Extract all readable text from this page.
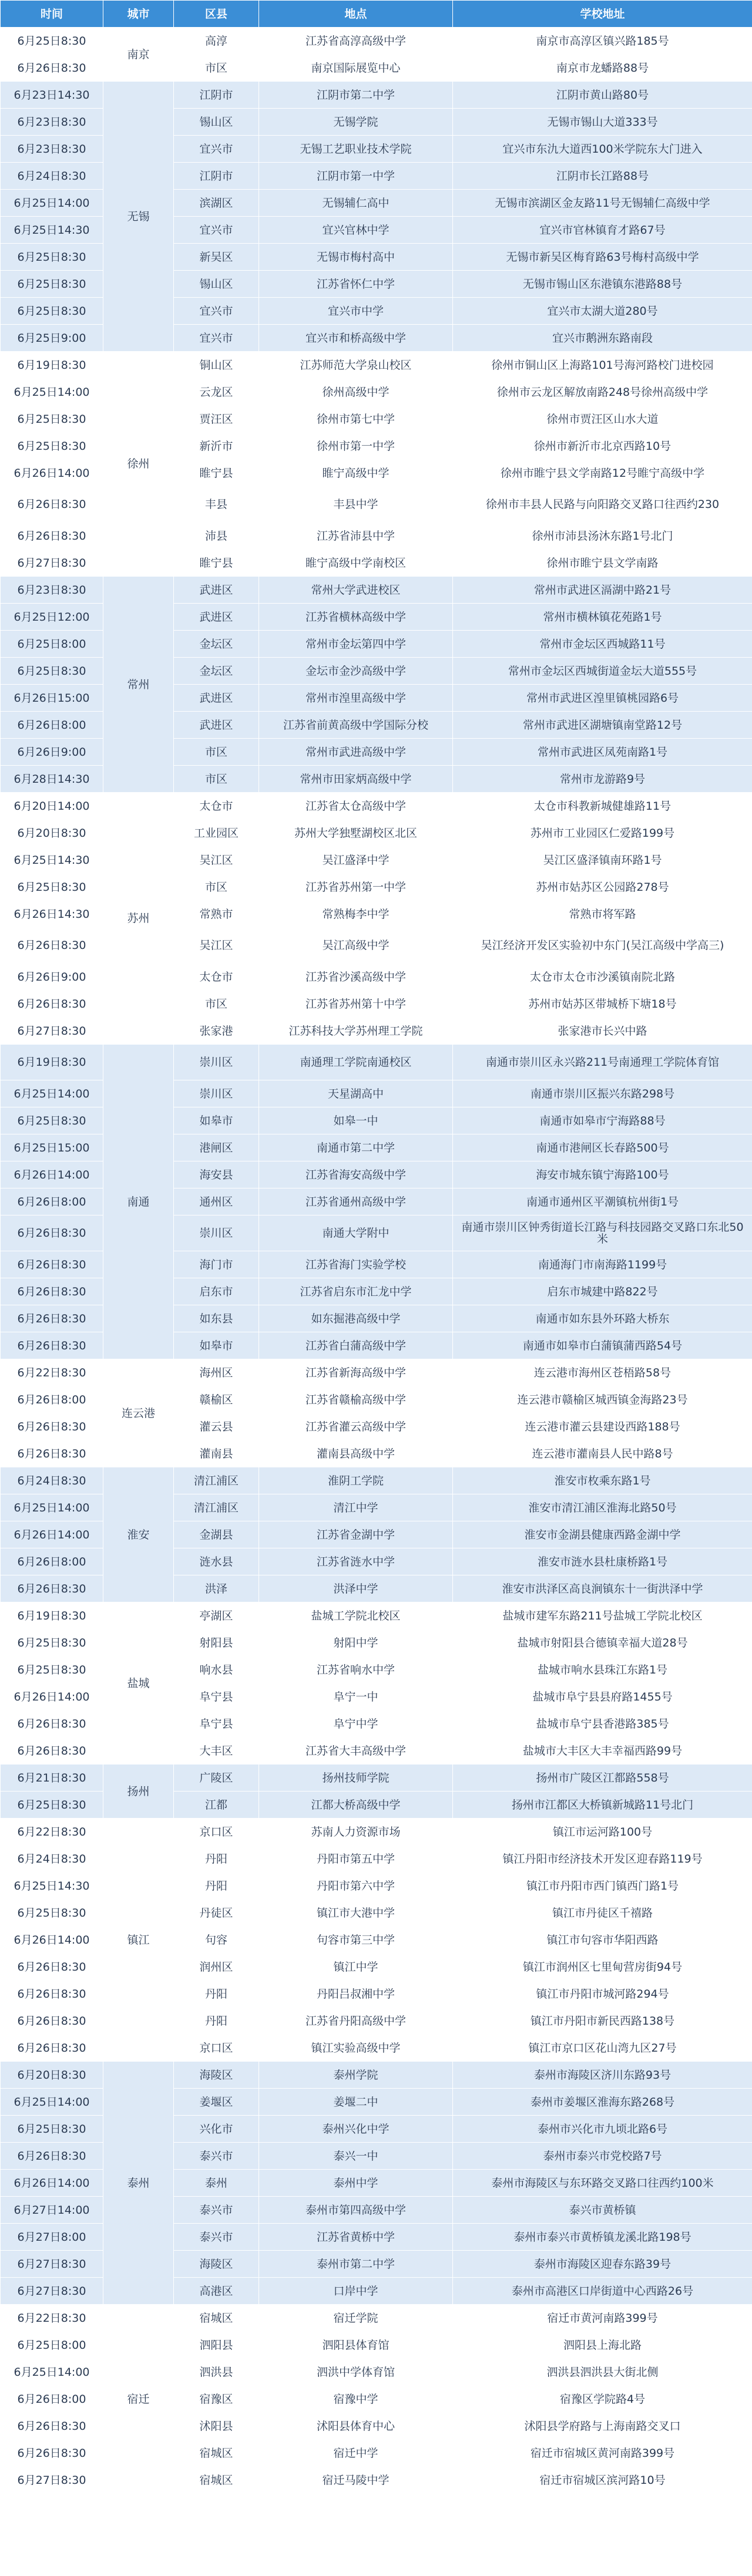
时间	城市	区县	地点	学校地址
6月25日8:30	南京	高淳	江苏省高淳高级中学	南京市高淳区镇兴路185号
6月26日8:30		市区	南京国际展览中心	南京市龙蟠路88号
6月23日14:30	无锡	江阴市	江阴市第二中学	江阴市黄山路80号
6月23日8:30		锡山区	无锡学院	无锡市锡山大道333号
6月23日8:30		宜兴市	无锡工艺职业技术学院	宜兴市东氿大道西100米学院东大门进入
6月24日8:30		江阴市	江阴市第一中学	江阴市长江路88号
6月25日14:00		滨湖区	无锡辅仁高中	无锡市滨湖区金友路11号无锡辅仁高级中学
6月25日14:30		宜兴市	宜兴官林中学	宜兴市官林镇育才路67号
6月25日8:30		新吴区	无锡市梅村高中	无锡市新吴区梅育路63号梅村高级中学
6月25日8:30		锡山区	江苏省怀仁中学	无锡市锡山区东港镇东港路88号
6月25日8:30		宜兴市	宜兴市中学	宜兴市太湖大道280号
6月25日9:00		宜兴市	宜兴市和桥高级中学	宜兴市鹅洲东路南段
6月19日8:30	徐州	铜山区	江苏师范大学泉山校区	徐州市铜山区上海路101号海河路校门进校园
6月25日14:00		云龙区	徐州高级中学	徐州市云龙区解放南路248号徐州高级中学
6月25日8:30		贾汪区	徐州市第七中学	徐州市贾汪区山水大道
6月25日8:30		新沂市	徐州市第一中学	徐州市新沂市北京西路10号
6月26日14:00		睢宁县	睢宁高级中学	徐州市睢宁县文学南路12号睢宁高级中学
6月26日8:30		丰县	丰县中学	徐州市丰县人民路与向阳路交叉路口往西约230
6月26日8:30		沛县	江苏省沛县中学	徐州市沛县汤沐东路1号北门
6月27日8:30		睢宁县	睢宁高级中学南校区	徐州市睢宁县文学南路
6月23日8:30	常州	武进区	常州大学武进校区	常州市武进区滆湖中路21号
6月25日12:00		武进区	江苏省横林高级中学	常州市横林镇花苑路1号
6月25日8:00		金坛区	常州市金坛第四中学	常州市金坛区西城路11号
6月25日8:30		金坛区	金坛市金沙高级中学	常州市金坛区西城街道金坛大道555号
6月26日15:00		武进区	常州市湟里高级中学	常州市武进区湟里镇桃园路6号
6月26日8:00		武进区	江苏省前黄高级中学国际分校	常州市武进区湖塘镇南堂路12号
6月26日9:00		市区	常州市武进高级中学	常州市武进区凤苑南路1号
6月28日14:30		市区	常州市田家炳高级中学	常州市龙游路9号
6月20日14:00	苏州	太仓市	江苏省太仓高级中学	太仓市科教新城健雄路11号
6月20日8:30		工业园区	苏州大学独墅湖校区北区	苏州市工业园区仁爱路199号
6月25日14:30		吴江区	吴江盛泽中学	吴江区盛泽镇南环路1号
6月25日8:30		市区	江苏省苏州第一中学	苏州市姑苏区公园路278号
6月26日14:30		常熟市	常熟梅李中学	常熟市将军路
6月26日8:30		吴江区	吴江高级中学	吴江经济开发区实验初中东门(吴江高级中学高三)
6月26日9:00		太仓市	江苏省沙溪高级中学	太仓市太仓市沙溪镇南院北路
6月26日8:30		市区	江苏省苏州第十中学	苏州市姑苏区带城桥下塘18号
6月27日8:30		张家港	江苏科技大学苏州理工学院	张家港市长兴中路
6月19日8:30	南通	崇川区	南通理工学院南通校区	南通市崇川区永兴路211号南通理工学院体育馆
6月25日14:00		崇川区	天星湖高中	南通市崇川区振兴东路298号
6月25日8:30		如皋市	如皋一中	南通市如皋市宁海路88号
6月25日15:00		港闸区	南通市第二中学	南通市港闸区长春路500号
6月26日14:00		海安县	江苏省海安高级中学	海安市城东镇宁海路100号
6月26日8:00		通州区	江苏省通州高级中学	南通市通州区平潮镇杭州街1号
6月26日8:30		崇川区	南通大学附中	南通市崇川区钟秀街道长江路与科技园路交叉路口东北50米
6月26日8:30		海门市	江苏省海门实验学校	南通海门市南海路1199号
6月26日8:30		启东市	江苏省启东市汇龙中学	启东市城建中路822号
6月26日8:30		如东县	如东掘港高级中学	南通市如东县外环路大桥东
6月26日8:30		如皋市	江苏省白蒲高级中学	南通市如皋市白蒲镇蒲西路54号
6月22日8:30	连云港	海州区	江苏省新海高级中学	连云港市海州区苍梧路58号
6月26日8:00		赣榆区	江苏省赣榆高级中学	连云港市赣榆区城西镇金海路23号
6月26日8:30		灌云县	江苏省灌云高级中学	连云港市灌云县建设西路188号
6月26日8:30		灌南县	灌南县高级中学	连云港市灌南县人民中路8号
6月24日8:30	淮安	清江浦区	淮阴工学院	淮安市枚乘东路1号
6月25日14:00		清江浦区	清江中学	淮安市清江浦区淮海北路50号
6月26日14:00		金湖县	江苏省金湖中学	淮安市金湖县健康西路金湖中学
6月26日8:00		涟水县	江苏省涟水中学	淮安市涟水县杜康桥路1号
6月26日8:30		洪泽	洪泽中学	淮安市洪泽区高良涧镇东十一街洪泽中学
6月19日8:30	盐城	亭湖区	盐城工学院北校区	盐城市建军东路211号盐城工学院北校区
6月25日8:30		射阳县	射阳中学	盐城市射阳县合德镇幸福大道28号
6月25日8:30		响水县	江苏省响水中学	盐城市响水县珠江东路1号
6月26日14:00		阜宁县	阜宁一中	盐城市阜宁县县府路1455号
6月26日8:30		阜宁县	阜宁中学	盐城市阜宁县香港路385号
6月26日8:30		大丰区	江苏省大丰高级中学	盐城市大丰区大丰幸福西路99号
6月21日8:30	扬州	广陵区	扬州技师学院	扬州市广陵区江都路558号
6月25日8:30		江都	江都大桥高级中学	扬州市江都区大桥镇新城路11号北门
6月22日8:30	镇江	京口区	苏南人力资源市场	镇江市运河路100号
6月24日8:30		丹阳	丹阳市第五中学	镇江丹阳市经济技术开发区迎春路119号
6月25日14:30		丹阳	丹阳市第六中学	镇江市丹阳市西门镇西门路1号
6月25日8:30		丹徒区	镇江市大港中学	镇江市丹徒区千禧路
6月26日14:00		句容	句容市第三中学	镇江市句容市华阳西路
6月26日8:30		润州区	镇江中学	镇江市润州区七里甸营房街94号
6月26日8:30		丹阳	丹阳吕叔湘中学	镇江市丹阳市城河路294号
6月26日8:30		丹阳	江苏省丹阳高级中学	镇江市丹阳市新民西路138号
6月26日8:30		京口区	镇江实验高级中学	镇江市京口区花山湾九区27号
6月20日8:30	泰州	海陵区	泰州学院	泰州市海陵区济川东路93号
6月25日14:00		姜堰区	姜堰二中	泰州市姜堰区淮海东路268号
6月25日8:30		兴化市	泰州兴化中学	泰州市兴化市九顷北路6号
6月26日8:30		泰兴市	泰兴一中	泰州市泰兴市党校路7号
6月26日14:00		泰州	泰州中学	泰州市海陵区与东环路交叉路口往西约100米
6月27日14:00		泰兴市	泰州市第四高级中学	泰兴市黄桥镇
6月27日8:00		泰兴市	江苏省黄桥中学	泰州市泰兴市黄桥镇龙溪北路198号
6月27日8:30		海陵区	泰州市第二中学	泰州市海陵区迎春东路39号
6月27日8:30		高港区	口岸中学	泰州市高港区口岸街道中心西路26号
6月22日8:30	宿迁	宿城区	宿迁学院	宿迁市黄河南路399号
6月25日8:00		泗阳县	泗阳县体育馆	泗阳县上海北路
6月25日14:00		泗洪县	泗洪中学体育馆	泗洪县泗洪县大街北侧
6月26日8:00		宿豫区	宿豫中学	宿豫区学院路4号
6月26日8:30		沭阳县	沭阳县体育中心	沭阳县学府路与上海南路交叉口
6月26日8:30		宿城区	宿迁中学	宿迁市宿城区黄河南路399号
6月27日8:30		宿城区	宿迁马陵中学	宿迁市宿城区滨河路10号
